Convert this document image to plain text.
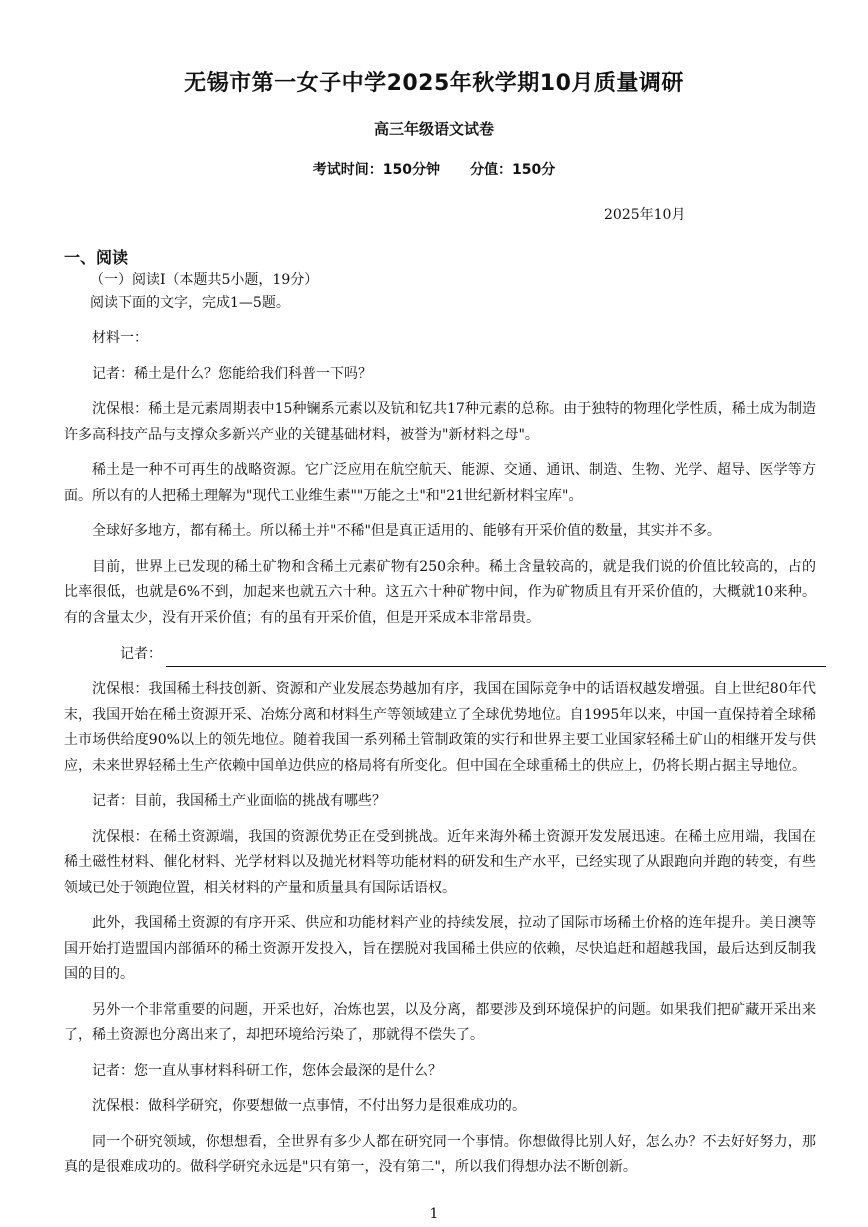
无锡市第一女子中学2025年秋学期10月质量调研
高三年级语文试卷
考试时间：150分钟 分值：150分
2025年10月
一、阅读
（一）阅读Ⅰ（本题共5小题，19分）
阅读下面的文字，完成1—5题。

材料一：

记者：稀土是什么？您能给我们科普一下吗？

沈保根：稀土是元素周期表中15种镧系元素以及钪和钇共17种元素的总称。由于独特的物理化学性质，稀土成为制造许多高科技产品与支撑众多新兴产业的关键基础材料，被誉为"新材料之母"。

稀土是一种不可再生的战略资源。它广泛应用在航空航天、能源、交通、通讯、制造、生物、光学、超导、医学等方面。所以有的人把稀土理解为"现代工业维生素""万能之土"和"21世纪新材料宝库"。

全球好多地方，都有稀土。所以稀土并"不稀"但是真正适用的、能够有开采价值的数量，其实并不多。

目前，世界上已发现的稀土矿物和含稀土元素矿物有250余种。稀土含量较高的，就是我们说的价值比较高的，占的比率很低，也就是6%不到，加起来也就五六十种。这五六十种矿物中间，作为矿物质且有开采价值的，大概就10来种。有的含量太少，没有开采价值；有的虽有开采价值，但是开采成本非常昂贵。

记者：

沈保根：我国稀土科技创新、资源和产业发展态势越加有序，我国在国际竞争中的话语权越发增强。自上世纪80年代末，我国开始在稀土资源开采、冶炼分离和材料生产等领域建立了全球优势地位。自1995年以来，中国一直保持着全球稀土市场供给度90%以上的领先地位。随着我国一系列稀土管制政策的实行和世界主要工业国家轻稀土矿山的相继开发与供应，未来世界轻稀土生产依赖中国单边供应的格局将有所变化。但中国在全球重稀土的供应上，仍将长期占据主导地位。

记者：目前，我国稀土产业面临的挑战有哪些？

沈保根：在稀土资源端，我国的资源优势正在受到挑战。近年来海外稀土资源开发发展迅速。在稀土应用端，我国在稀土磁性材料、催化材料、光学材料以及抛光材料等功能材料的研发和生产水平，已经实现了从跟跑向并跑的转变，有些领域已处于领跑位置，相关材料的产量和质量具有国际话语权。

此外，我国稀土资源的有序开采、供应和功能材料产业的持续发展，拉动了国际市场稀土价格的连年提升。美日澳等国开始打造盟国内部循环的稀土资源开发投入，旨在摆脱对我国稀土供应的依赖，尽快追赶和超越我国，最后达到反制我国的目的。

另外一个非常重要的问题，开采也好，冶炼也罢，以及分离，都要涉及到环境保护的问题。如果我们把矿藏开采出来了，稀土资源也分离出来了，却把环境给污染了，那就得不偿失了。

记者：您一直从事材料科研工作，您体会最深的是什么？

沈保根：做科学研究，你要想做一点事情，不付出努力是很难成功的。

同一个研究领域，你想想看，全世界有多少人都在研究同一个事情。你想做得比别人好，怎么办？不去好好努力，那真的是很难成功的。做科学研究永远是"只有第一，没有第二"，所以我们得想办法不断创新。

1
